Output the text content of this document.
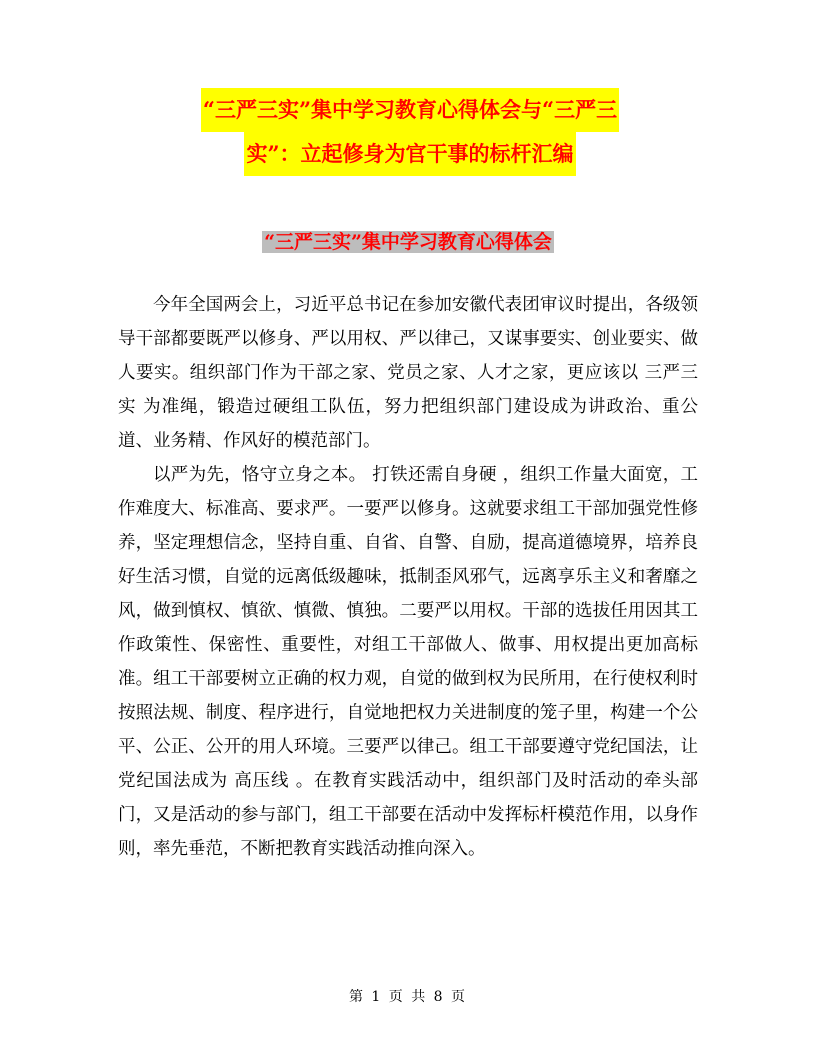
“三严三实”集中学习教育心得体会与“三严三
实”：立起修身为官干事的标杆汇编
“三严三实”集中学习教育心得体会

今年全国两会上，习近平总书记在参加安徽代表团审议时提出，各级领导干部都要既严以修身、严以用权、严以律己，又谋事要实、创业要实、做人要实。组织部门作为干部之家、党员之家、人才之家，更应该以 三严三实 为准绳，锻造过硬组工队伍，努力把组织部门建设成为讲政治、重公道、业务精、作风好的模范部门。

以严为先，恪守立身之本。 打铁还需自身硬 ，组织工作量大面宽，工作难度大、标准高、要求严。一要严以修身。这就要求组工干部加强党性修养，坚定理想信念，坚持自重、自省、自警、自励，提高道德境界，培养良好生活习惯，自觉的远离低级趣味，抵制歪风邪气，远离享乐主义和奢靡之风，做到慎权、慎欲、慎微、慎独。二要严以用权。干部的选拔任用因其工作政策性、保密性、重要性，对组工干部做人、做事、用权提出更加高标准。组工干部要树立正确的权力观，自觉的做到权为民所用，在行使权利时按照法规、制度、程序进行，自觉地把权力关进制度的笼子里，构建一个公平、公正、公开的用人环境。三要严以律己。组工干部要遵守党纪国法，让党纪国法成为 高压线 。在教育实践活动中，组织部门及时活动的牵头部门，又是活动的参与部门，组工干部要在活动中发挥标杆模范作用，以身作则，率先垂范，不断把教育实践活动推向深入。

第 1 页 共 8 页
